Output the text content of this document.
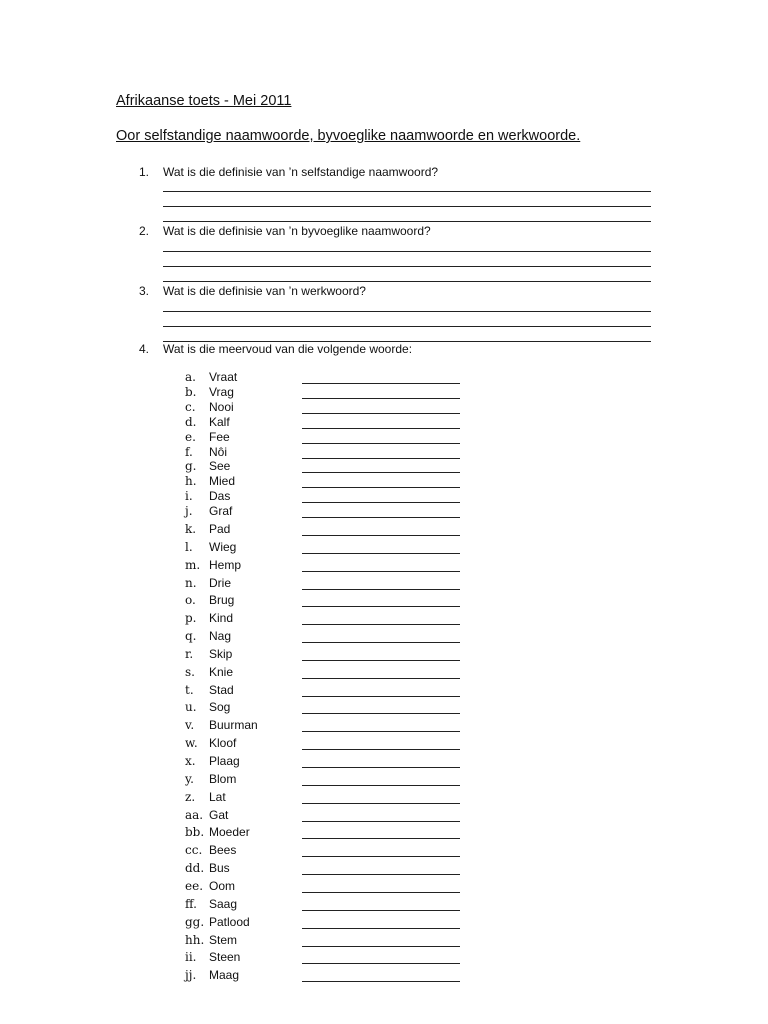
Afrikaanse toets - Mei 2011
Oor selfstandige naamwoorde, byvoeglike naamwoorde en werkwoorde.
1.	Wat is die definisie van ’n selfstandige naamwoord?
2.	Wat is die definisie van ’n byvoeglike naamwoord?
3.	Wat is die definisie van ’n werkwoord?
4.	Wat is die meervoud van die volgende woorde:
a.	Vraat
b.	Vrag
c.	Nooi
d.	Kalf
e.	Fee
f.	Nôi
g.	See
h.	Mied
i.	Das
j.	Graf
k.	Pad
l.	Wieg
m. Hemp
n.	Drie
o.	Brug
p.	Kind
q.	Nag
r.	Skip
s.	Knie
t.	Stad
u.	Sog
v.	Buurman
w. Kloof
x.	Plaag
y.	Blom
z.	Lat
aa. Gat
bb. Moeder
cc. Bees
dd. Bus
ee. Oom
ff.	Saag
gg. Patlood
hh. Stem
ii.	Steen
jj.	Maag
